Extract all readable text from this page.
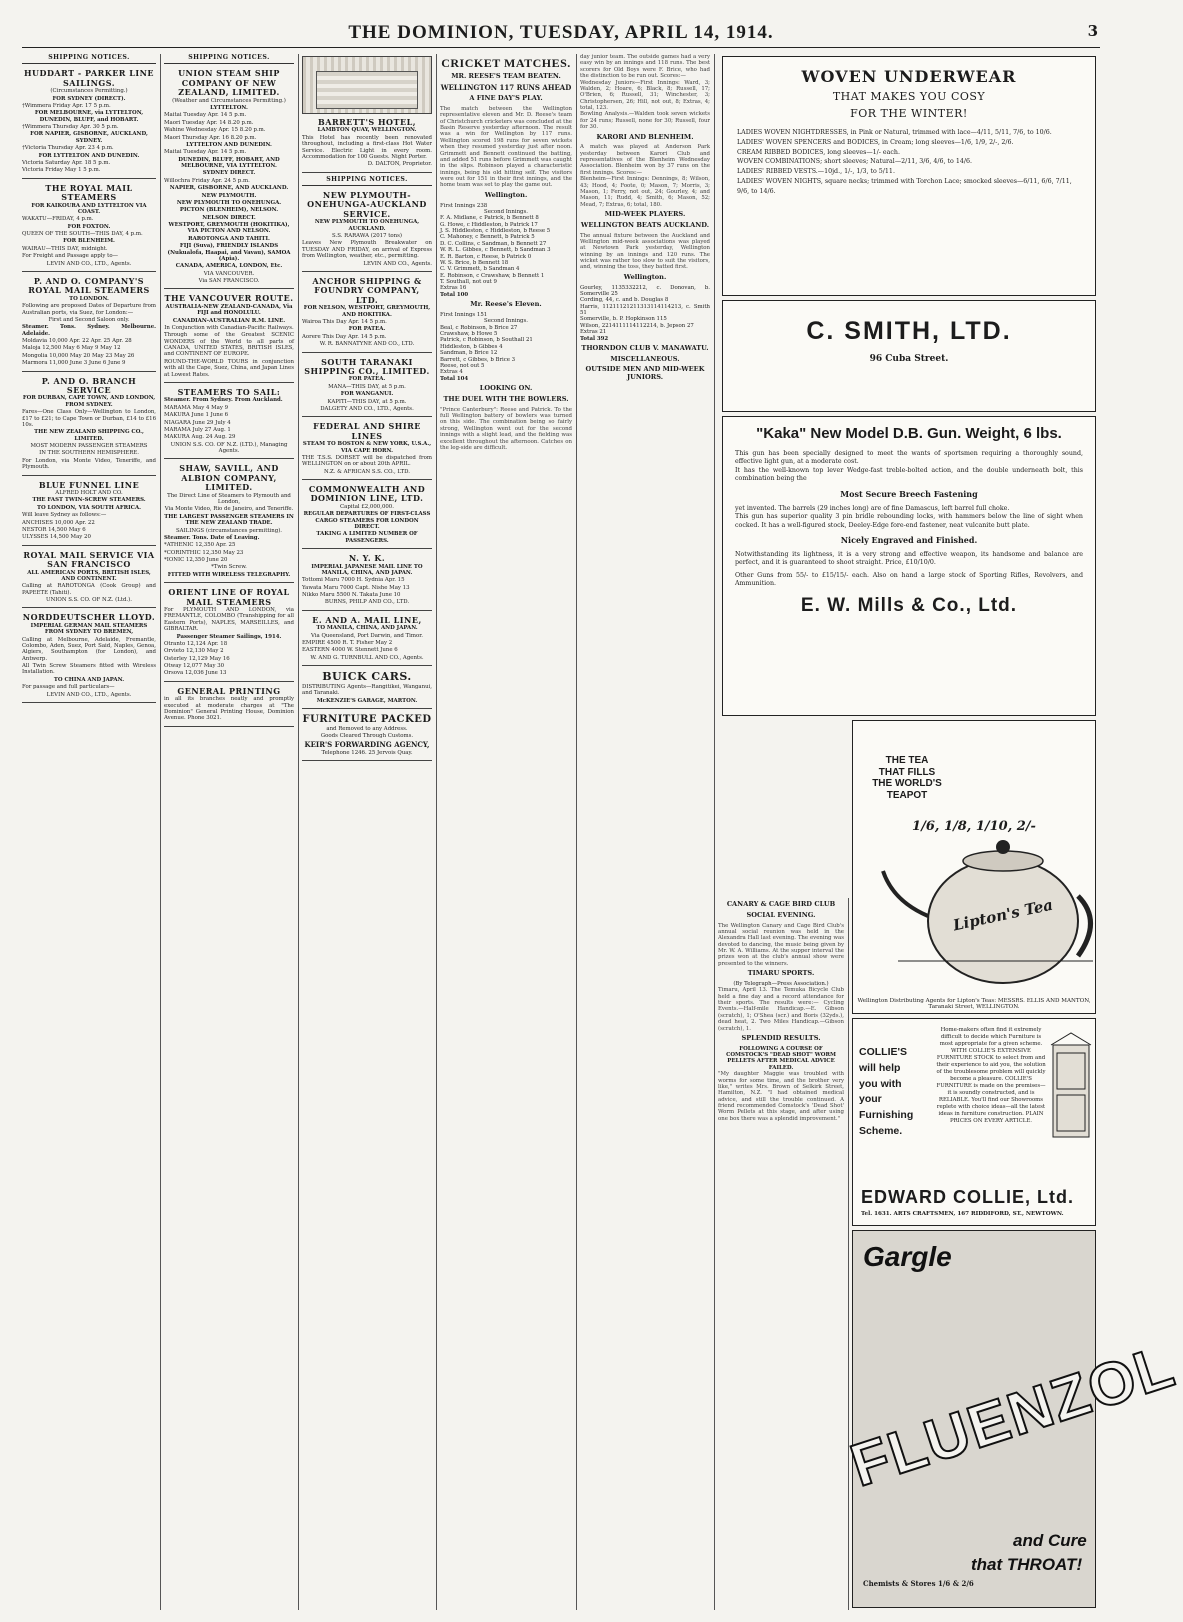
THE DOMINION, TUESDAY, APRIL 14, 1914.	3
SHIPPING NOTICES.
HUDDART - PARKER LINE SAILINGS.

(Circumstances Permitting.)

FOR SYDNEY (DIRECT).

†Wimmera Friday Apr. 17 5 p.m.

FOR MELBOURNE, via LYTTELTON, DUNEDIN, BLUFF, and HOBART.

†Wimmera Thursday Apr. 30 5 p.m.

FOR NAPIER, GISBORNE, AUCKLAND, SYDNEY.

†Victoria Thursday Apr. 23 4 p.m.

FOR LYTTELTON AND DUNEDIN.

Victoria Saturday Apr. 18 5 p.m.

Victoria Friday May 1 5 p.m.

THE ROYAL MAIL STEAMERS

FOR KAIKOURA AND LYTTELTON VIA COAST.

WAKATU—FRIDAY, 4 p.m.

FOR FOXTON.

QUEEN OF THE SOUTH—THIS DAY, 4 p.m.

FOR BLENHEIM.

WAIRAU—THIS DAY, midnight.

For Freight and Passage apply to—

LEVIN AND CO., LTD., Agents.

P. AND O. COMPANY'S ROYAL MAIL STEAMERS

TO LONDON.

Following are proposed Dates of Departure from Australian ports, via Suez, for London:—

First and Second Saloon only.

Steamer. Tons. Sydney. Melbourne. Adelaide.

Moldavia 10,000 Apr. 22 Apr. 25 Apr. 28

Maloja 12,500 May 6 May 9 May 12

Mongolia 10,000 May 20 May 23 May 26

Marmora 11,000 June 3 June 6 June 9

P. AND O. BRANCH SERVICE

FOR DURBAN, CAPE TOWN, AND LONDON, FROM SYDNEY.

Fares—One Class Only—Wellington to London, £17 to £21; to Cape Town or Durban, £14 to £16 10s.

THE NEW ZEALAND SHIPPING CO., LIMITED.

MOST MODERN PASSENGER STEAMERS

IN THE SOUTHERN HEMISPHERE.

For London, via Monte Video, Teneriffe, and Plymouth.

BLUE FUNNEL LINE

ALFRED HOLT AND CO.

THE FAST TWIN-SCREW STEAMERS.

TO LONDON, VIA SOUTH AFRICA.

Will leave Sydney as follows:—

ANCHISES 10,000 Apr. 22

NESTOR 14,500 May 6

ULYSSES 14,500 May 20

ROYAL MAIL SERVICE VIA SAN FRANCISCO

ALL AMERICAN PORTS, BRITISH ISLES, AND CONTINENT.

Calling at RAROTONGA (Cook Group) and PAPEETE (Tahiti).

UNION S.S. CO. OF N.Z. (Ltd.).

NORDDEUTSCHER LLOYD.

IMPERIAL GERMAN MAIL STEAMERS FROM SYDNEY TO BREMEN,

Calling at Melbourne, Adelaide, Fremantle, Colombo, Aden, Suez, Port Said, Naples, Genoa, Algiers, Southampton (for London), and Antwerp.

All Twin Screw Steamers fitted with Wireless Installation.

TO CHINA AND JAPAN.

For passage and full particulars—

LEVIN AND CO., LTD., Agents.

SHIPPING NOTICES.
UNION STEAM SHIP COMPANY OF NEW ZEALAND, LIMITED.

(Weather and Circumstances Permitting.)

LYTTELTON.

Maitai Tuesday Apr. 14 5 p.m.

Maori Tuesday Apr. 14 8.20 p.m.

Wahine Wednesday Apr. 15 8.20 p.m.

Maori Thursday Apr. 16 8.20 p.m.

LYTTELTON AND DUNEDIN.

Maitai Tuesday Apr. 14 5 p.m.

DUNEDIN, BLUFF, HOBART, AND MELBOURNE, VIA LYTTELTON.

SYDNEY DIRECT.

Willochra Friday Apr. 24 5 p.m.

NAPIER, GISBORNE, AND AUCKLAND.

NEW PLYMOUTH.

NEW PLYMOUTH TO ONEHUNGA.

PICTON (BLENHEIM), NELSON.

NELSON DIRECT.

WESTPORT, GREYMOUTH (HOKITIKA), VIA PICTON AND NELSON.

RAROTONGA AND TAHITI.

FIJI (Suva), FRIENDLY ISLANDS (Nukualofa, Haapai, and Vavau), SAMOA (Apia).

CANADA, AMERICA, LONDON, Etc.

VIA VANCOUVER.

Via SAN FRANCISCO.

THE VANCOUVER ROUTE.

AUSTRALIA-NEW ZEALAND-CANADA, Via FIJI and HONOLULU.

CANADIAN-AUSTRALIAN R.M. LINE.

In Conjunction with Canadian-Pacific Railways.

Through some of the Greatest SCENIC WONDERS of the World to all parts of CANADA, UNITED STATES, BRITISH ISLES, and CONTINENT OF EUROPE.

ROUND-THE-WORLD TOURS in conjunction with all the Cape, Suez, China, and Japan Lines at Lowest Rates.

STEAMERS TO SAIL:

Steamer. From Sydney. From Auckland.

MARAMA May 4 May 9

MAKURA June 1 June 6

NIAGARA June 29 July 4

MARAMA July 27 Aug. 1

MAKURA Aug. 24 Aug. 29

UNION S.S. CO. OF N.Z. (LTD.), Managing Agents.

SHAW, SAVILL, AND ALBION COMPANY, LIMITED.

The Direct Line of Steamers to Plymouth and London,

Via Monte Video, Rio de Janeiro, and Teneriffe.

THE LARGEST PASSENGER STEAMERS IN THE NEW ZEALAND TRADE.

SAILINGS (circumstances permitting).

Steamer. Tons. Date of Leaving.

*ATHENIC 12,350 Apr. 25

*CORINTHIC 12,350 May 23

*IONIC 12,350 June 20

*Twin Screw.

FITTED WITH WIRELESS TELEGRAPHY.

ORIENT LINE OF ROYAL MAIL STEAMERS

For PLYMOUTH AND LONDON, via FREMANTLE, COLOMBO (Transhipping for all Eastern Ports), NAPLES, MARSEILLES, and GIBRALTAR.

Passenger Steamer Sailings, 1914.

Otranto 12,124 Apr. 18

Orvieto 12,130 May 2

Osterley 12,129 May 16

Otway 12,077 May 30

Orsova 12,036 June 13

GENERAL PRINTING

in all its branches neatly and promptly executed at moderate charges at "The Dominion" General Printing House, Dominion Avenue. Phone 3021.

BARRETT'S HOTEL,

LAMBTON QUAY, WELLINGTON.

This Hotel has recently been renovated throughout, including a first-class Hot Water Service. Electric Light in every room. Accommodation for 100 Guests. Night Porter.

D. DALTON, Proprietor.

SHIPPING NOTICES.
NEW PLYMOUTH-ONEHUNGA-AUCKLAND SERVICE.

NEW PLYMOUTH TO ONEHUNGA, AUCKLAND.

S.S. RARAWA (2017 tons)

Leaves New Plymouth Breakwater on TUESDAY AND FRIDAY, on arrival of Express from Wellington, weather, etc., permitting.

LEVIN AND CO., Agents.

ANCHOR SHIPPING & FOUNDRY COMPANY, LTD.

FOR NELSON, WESTPORT, GREYMOUTH, AND HOKITIKA.

Wairoa This Day Apr. 14 5 p.m.

FOR PATEA.

Aorere This Day Apr. 14 5 p.m.

W. R. BANNATYNE AND CO., LTD.

SOUTH TARANAKI SHIPPING CO., LIMITED.

FOR PATEA.

MANA—THIS DAY, at 5 p.m.

FOR WANGANUI.

KAPITI—THIS DAY, at 5 p.m.

DALGETY AND CO., LTD., Agents.

FEDERAL AND SHIRE LINES

STEAM TO BOSTON & NEW YORK, U.S.A., VIA CAPE HORN.

THE T.S.S. DORSET will be dispatched from WELLINGTON on or about 20th APRIL.

N.Z. & AFRICAN S.S. CO., LTD.

COMMONWEALTH AND DOMINION LINE, LTD.

Capital £2,000,000.

REGULAR DEPARTURES OF FIRST-CLASS CARGO STEAMERS FOR LONDON DIRECT.

TAKING A LIMITED NUMBER OF PASSENGERS.

N. Y. K.

IMPERIAL JAPANESE MAIL LINE TO MANILA, CHINA, AND JAPAN.

Tottomi Maru 7000 H. Sydnia Apr. 15

Yawata Maru 7000 Capt. Nishe May 13

Nikko Maru 5500 N. Takata June 10

BURNS, PHILP AND CO., LTD.

E. AND A. MAIL LINE,

TO MANILA, CHINA, AND JAPAN.

Via Queensland, Port Darwin, and Timor.

EMPIRE 4500 R. T. Fisher May 2

EASTERN 4000 W. Stennett June 6

W. AND G. TURNBULL AND CO., Agents.

BUICK CARS.

DISTRIBUTING Agents—Rangitikei, Wanganui, and Taranaki.

McKENZIE'S GARAGE, MARTON.

FURNITURE PACKED

and Removed to any Address.

Goods Cleared Through Customs.

KEIR'S FORWARDING AGENCY,

Telephone 1246. 25 Jervois Quay.

CRICKET MATCHES.
MR. REESE'S TEAM BEATEN.
WELLINGTON 117 RUNS AHEAD
A FINE DAY'S PLAY.

The match between the Wellington representative eleven and Mr. D. Reese's team of Christchurch cricketers was concluded at the Basin Reserve yesterday afternoon. The result was a win for Wellington by 117 runs. Wellington scored 198 runs for seven wickets when they resumed yesterday just after noon. Grimmett and Bennett continued the batting, and added 51 runs before Grimmett was caught in the slips. Robinson played a characteristic innings, being his old hitting self. The visitors were out for 151 in their first innings, and the home team was set to play the game out.

Wellington.

First Innings 238

Second Innings.

F. A. Midlane, c Patrick, b Bennett 8

G. Howe, c Hiddleston, b Patrick 17

J. S. Hiddleston, c Hiddleston, b Reese 5

C. Mahoney, c Bennett, b Patrick 5

D. C. Collins, c Sandman, b Bennett 27

W. R. L. Gibbes, c Bennett, b Sandman 3

E. R. Barton, c Reese, b Patrick 0

W. S. Brice, b Bennett 18

C. V. Grimmett, b Sandman 4

E. Robinson, c Crawshaw, b Bennett 1

T. Southall, not out 9

Extras 16

Total 100

Mr. Reese's Eleven.

First Innings 151

Second Innings.

Beal, c Robinson, b Brice 27

Crawshaw, b Howe 5

Patrick, c Robinson, b Southall 21

Hiddleston, b Gibbes 4

Sandman, b Brice 12

Barrett, c Gibbes, b Brice 3

Reese, not out 5

Extras 4

Total 104

LOOKING ON.
THE DUEL WITH THE BOWLERS.

"Prince Canterbury": Reese and Patrick. To the full Wellington battery of bowlers was turned on this side. The combination being so fairly strong, Wellington went out for the second innings with a slight lead, and the fielding was excellent throughout the afternoon. Catches on the leg-side are difficult.

day junior team. The outside games had a very easy win by an innings and 118 runs. The best scorers for Old Boys were F. Brice, who had the distinction to be run out. Scores:—

Wednesday Juniors—First Innings: Ward, 3; Walden, 2; Hoare, 6; Black, 8; Russell, 17; O'Brien, 6; Russell, 31; Winchester, 3; Christophersen, 26; Hill, not out, 8; Extras, 4; total, 123.

Bowling Analysis.—Walden took seven wickets for 24 runs; Russell, none for 30; Russell, four for 30.

KARORI AND BLENHEIM.

A match was played at Anderson Park yesterday between Karori Club and representatives of the Blenheim Wednesday Association. Blenheim won by 37 runs on the first innings. Scores:—

Blenheim—First Innings: Dennings, 8; Wilson, 43; Hood, 4; Foote, 0; Mason, 7; Morris, 3; Mason, 1; Ferry, not out, 24; Gourley, 4; and Mason, 11; Rudd, 4; Smith, 6; Mason, 52; Mead, 7; Extras, 6; total, 180.

MID-WEEK PLAYERS.
WELLINGTON BEATS AUCKLAND.

The annual fixture between the Auckland and Wellington mid-week associations was played at Newtown Park yesterday, Wellington winning by an innings and 120 runs. The wicket was rather too slow to suit the visitors, and, winning the toss, they batted first.

Wellington.

Gourley, 1135332212, c. Donovan, b. Somerville 25

Cording, 44, c. and b. Douglas 8

Harris, 11211121211313114114213, c. Smith 51

Somerville, b. P. Hopkinson 115

Wilson, 2214111114112214, b. Jepson 27

Extras 21

Total 392

THORNDON CLUB V. MANAWATU.
MISCELLANEOUS.
OUTSIDE MEN AND MID-WEEK JUNIORS.
CANARY & CAGE BIRD CLUB
SOCIAL EVENING.

The Wellington Canary and Cage Bird Club's annual social reunion was held in the Alexandra Hall last evening. The evening was devoted to dancing, the music being given by Mr. W. A. Williams. At the supper interval the prizes won at the club's annual show were presented to the winners.

TIMARU SPORTS.

(By Telegraph—Press Association.)

Timaru, April 13. The Temuka Bicycle Club held a fine day and a record attendance for their sports. The results were:— Cycling Events.—Half-mile Handicap.—E. Gibson (scratch), 1; O'Shea (scr.) and Boris (32yds.), dead heat, 2. Two Miles Handicap.—Gibson (scratch), 1.

SPLENDID RESULTS.

FOLLOWING A COURSE OF COMSTOCK'S "DEAD SHOT" WORM PELLETS AFTER MEDICAL ADVICE FAILED.

"My daughter Maggie was troubled with worms for some time, and the brother very like," writes Mrs. Brown of Selkirk Street, Hamilton, N.Z. "I had obtained medical advice, and still the trouble continued. A friend recommended Comstock's 'Dead Shot' Worm Pellets at this stage, and after using one box there was a splendid improvement."

WOVEN UNDERWEAR
THAT MAKES YOU COSY
FOR THE WINTER!

LADIES WOVEN NIGHTDRESSES, in Pink or Natural, trimmed with lace—4/11, 5/11, 7/6, to 10/6.

LADIES' WOVEN SPENCERS and BODICES, in Cream; long sleeves—1/6, 1/9, 2/-, 2/6.

CREAM RIBBED BODICES, long sleeves—1/- each.

WOVEN COMBINATIONS; short sleeves; Natural—2/11, 3/6, 4/6, to 14/6.

LADIES' RIBBED VESTS.—10jd., 1/-, 1/3, to 5/11.

LADIES' WOVEN NIGHTS, square necks; trimmed with Torchon Lace; smocked sleeves—6/11, 6/6, 7/11, 9/6, to 14/6.

C. SMITH, LTD.
96 Cuba Street.
"Kaka" New Model D.B. Gun. Weight, 6 lbs.

This gun has been specially designed to meet the wants of sportsmen requiring a thoroughly sound, effective light gun, at a moderate cost.

It has the well-known top lever Wedge-fast treble-bolted action, and the double underneath bolt, this combination being the

Most Secure Breech Fastening

yet invented. The barrels (29 inches long) are of fine Damascus, left barrel full choke.

This gun has superior quality 3 pin bridle rebounding locks, with hammers below the line of sight when cocked. It has a well-figured stock, Deeley-Edge fore-end fastener, neat vulcanite butt plate.

Nicely Engraved and Finished.

Notwithstanding its lightness, it is a very strong and effective weapon, its handsome and balance are perfect, and it is guaranteed to shoot straight. Price, £10/10/0.

Other Guns from 55/- to £15/15/- each. Also on hand a large stock of Sporting Rifles, Revolvers, and Ammunition.

E. W. Mills & Co., Ltd.
THE TEA
THAT FILLS
THE WORLD'S
TEAPOT
1/6, 1/8, 1/10, 2/-
Lipton's Tea
Wellington Distributing Agents for Lipton's Teas: MESSRS. ELLIS AND MANTON, Taranaki Street, WELLINGTON.
COLLIE'S
will help
you with
your
Furnishing
Scheme.
Home-makers often find it extremely difficult to decide which Furniture is most appropriate for a given scheme. WITH COLLIE'S EXTENSIVE FURNITURE STOCK to select from and their experience to aid you, the solution of the troublesome problem will quickly become a pleasure. COLLIE'S FURNITURE is made on the premises—it is soundly constructed, and is RELIABLE. You'll find our Showrooms replete with choice ideas—all the latest ideas in furniture construction. PLAIN PRICES ON EVERY ARTICLE.
EDWARD COLLIE, Ltd.
Tel. 1631. ARTS CRAFTSMEN, 167 RIDDIFORD, ST., NEWTOWN.
Gargle
FLUENZOL
and Cure
that THROAT!
Chemists & Stores 1/6 & 2/6
